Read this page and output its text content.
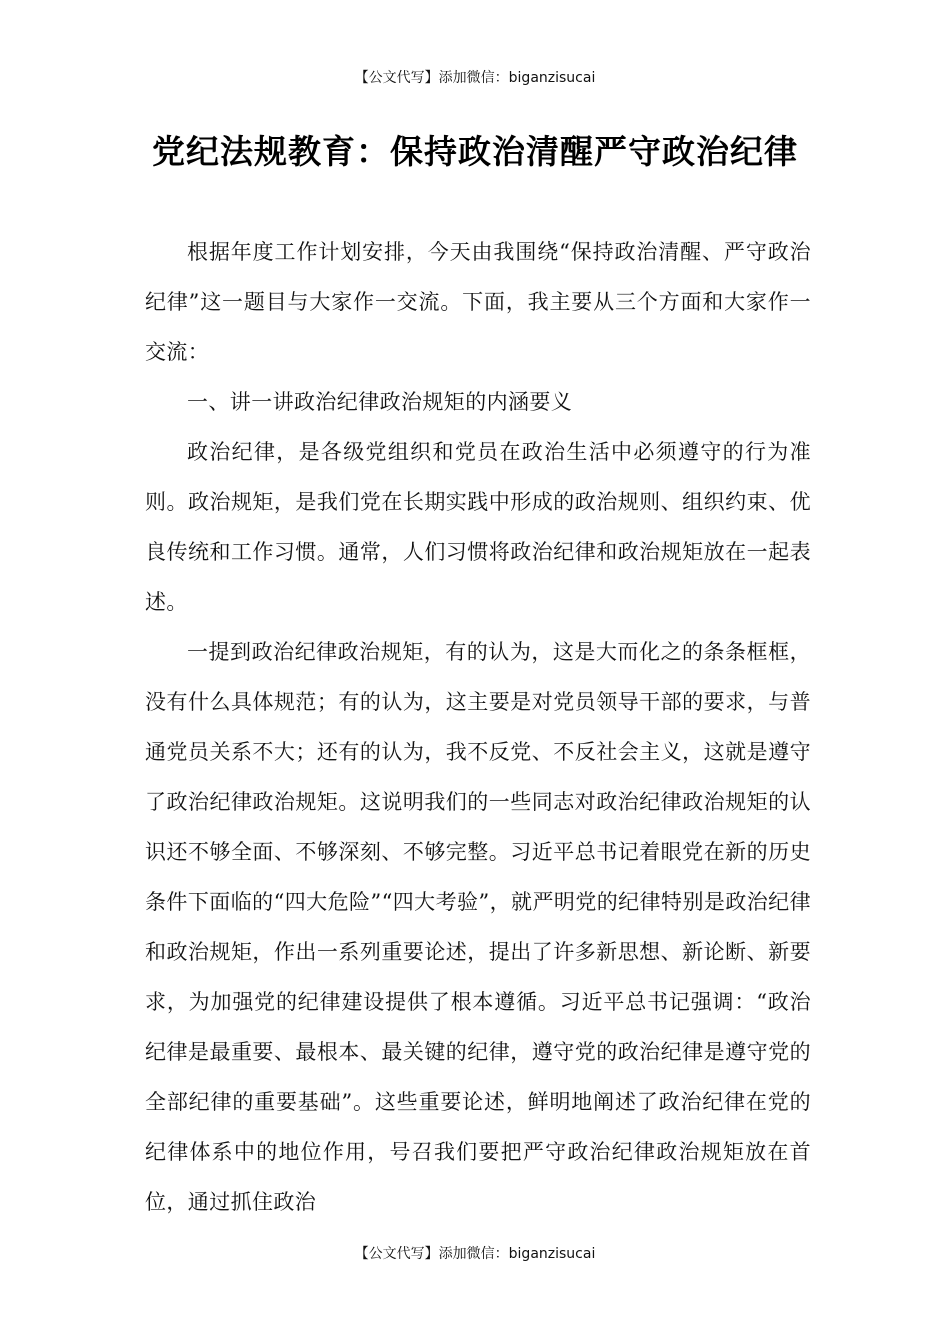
【公文代写】添加微信：biganzisucai
党纪法规教育：保持政治清醒严守政治纪律

根据年度工作计划安排，今天由我围绕“保持政治清醒、严守政治纪律”这一题目与大家作一交流。下面，我主要从三个方面和大家作一交流：

一、讲一讲政治纪律政治规矩的内涵要义

政治纪律，是各级党组织和党员在政治生活中必须遵守的行为准则。政治规矩，是我们党在长期实践中形成的政治规则、组织约束、优良传统和工作习惯。通常，人们习惯将政治纪律和政治规矩放在一起表述。

一提到政治纪律政治规矩，有的认为，这是大而化之的条条框框，没有什么具体规范；有的认为，这主要是对党员领导干部的要求，与普通党员关系不大；还有的认为，我不反党、不反社会主义，这就是遵守了政治纪律政治规矩。这说明我们的一些同志对政治纪律政治规矩的认识还不够全面、不够深刻、不够完整。习近平总书记着眼党在新的历史条件下面临的“四大危险”“四大考验”，就严明党的纪律特别是政治纪律和政治规矩，作出一系列重要论述，提出了许多新思想、新论断、新要求，为加强党的纪律建设提供了根本遵循。习近平总书记强调：“政治纪律是最重要、最根本、最关键的纪律，遵守党的政治纪律是遵守党的全部纪律的重要基础”。这些重要论述，鲜明地阐述了政治纪律在党的纪律体系中的地位作用，号召我们要把严守政治纪律政治规矩放在首位，通过抓住政治

【公文代写】添加微信：biganzisucai
